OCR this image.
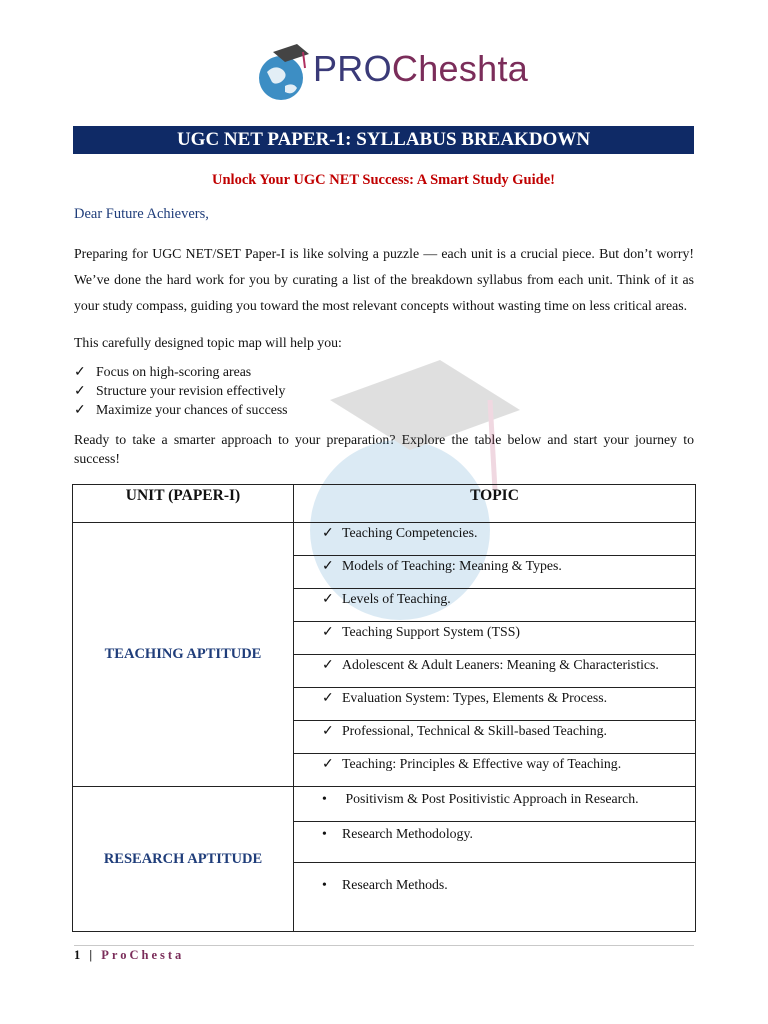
PROCheshta
UGC NET PAPER-1: SYLLABUS BREAKDOWN
Unlock Your UGC NET Success: A Smart Study Guide!
Dear Future Achievers,
Preparing for UGC NET/SET Paper-I is like solving a puzzle — each unit is a crucial piece. But don’t worry! We’ve done the hard work for you by curating a list of the breakdown syllabus from each unit. Think of it as your study compass, guiding you toward the most relevant concepts without wasting time on less critical areas.
This carefully designed topic map will help you:
✓ Focus on high-scoring areas
✓ Structure your revision effectively
✓ Maximize your chances of success
Ready to take a smarter approach to your preparation? Explore the table below and start your journey to success!
UNIT (PAPER-I)	TOPIC
TEACHING APTITUDE	✓ Teaching Competencies.
	✓ Models of Teaching: Meaning & Types.
	✓ Levels of Teaching.
	✓ Teaching Support System (TSS)
	✓ Adolescent & Adult Leaners: Meaning & Characteristics.
	✓ Evaluation System: Types, Elements & Process.
	✓ Professional, Technical & Skill-based Teaching.
	✓ Teaching: Principles & Effective way of Teaching.
RESEARCH APTITUDE	• Positivism & Post Positivistic Approach in Research.
	• Research Methodology.
	• Research Methods.
1 | ProChesta
